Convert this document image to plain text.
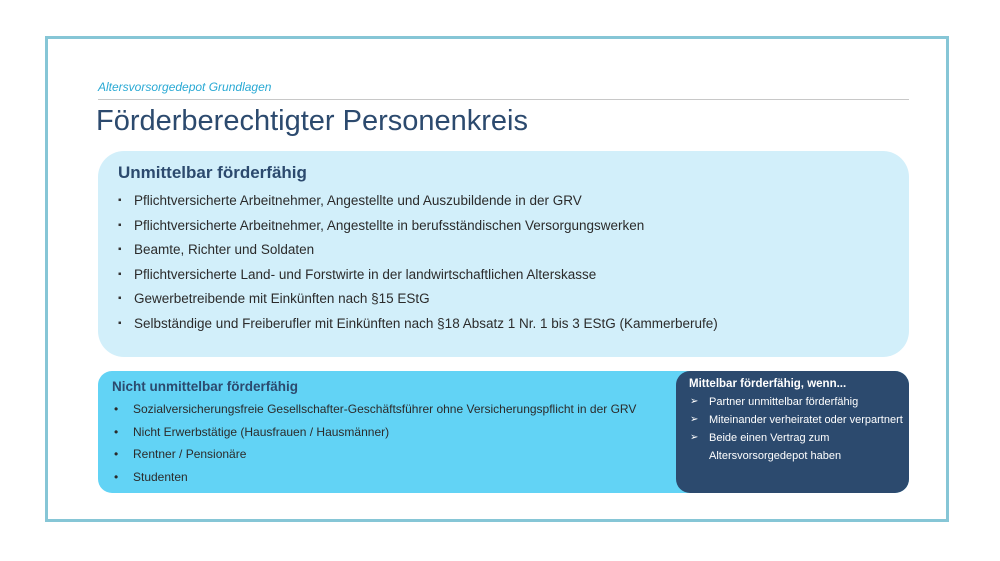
Altersvorsorgedepot Grundlagen
Förderberechtigter Personenkreis
Unmittelbar förderfähig
▪ Pflichtversicherte Arbeitnehmer, Angestellte und Auszubildende in der GRV
▪ Pflichtversicherte Arbeitnehmer, Angestellte in berufsständischen Versorgungswerken
▪ Beamte, Richter und Soldaten
▪ Pflichtversicherte Land- und Forstwirte in der landwirtschaftlichen Alterskasse
▪ Gewerbetreibende mit Einkünften nach §15 EStG
▪ Selbständige und Freiberufler mit Einkünften nach §18 Absatz 1 Nr. 1 bis 3 EStG (Kammerberufe)
Nicht unmittelbar förderfähig
• Sozialversicherungsfreie Gesellschafter-Geschäftsführer ohne Versicherungspflicht in der GRV
• Nicht Erwerbstätige (Hausfrauen / Hausmänner)
• Rentner / Pensionäre
• Studenten
Mittelbar förderfähig, wenn...
➢ Partner unmittelbar förderfähig
➢ Miteinander verheiratet oder verpartnert
➢ Beide einen Vertrag zum Altersvorsorgedepot haben
